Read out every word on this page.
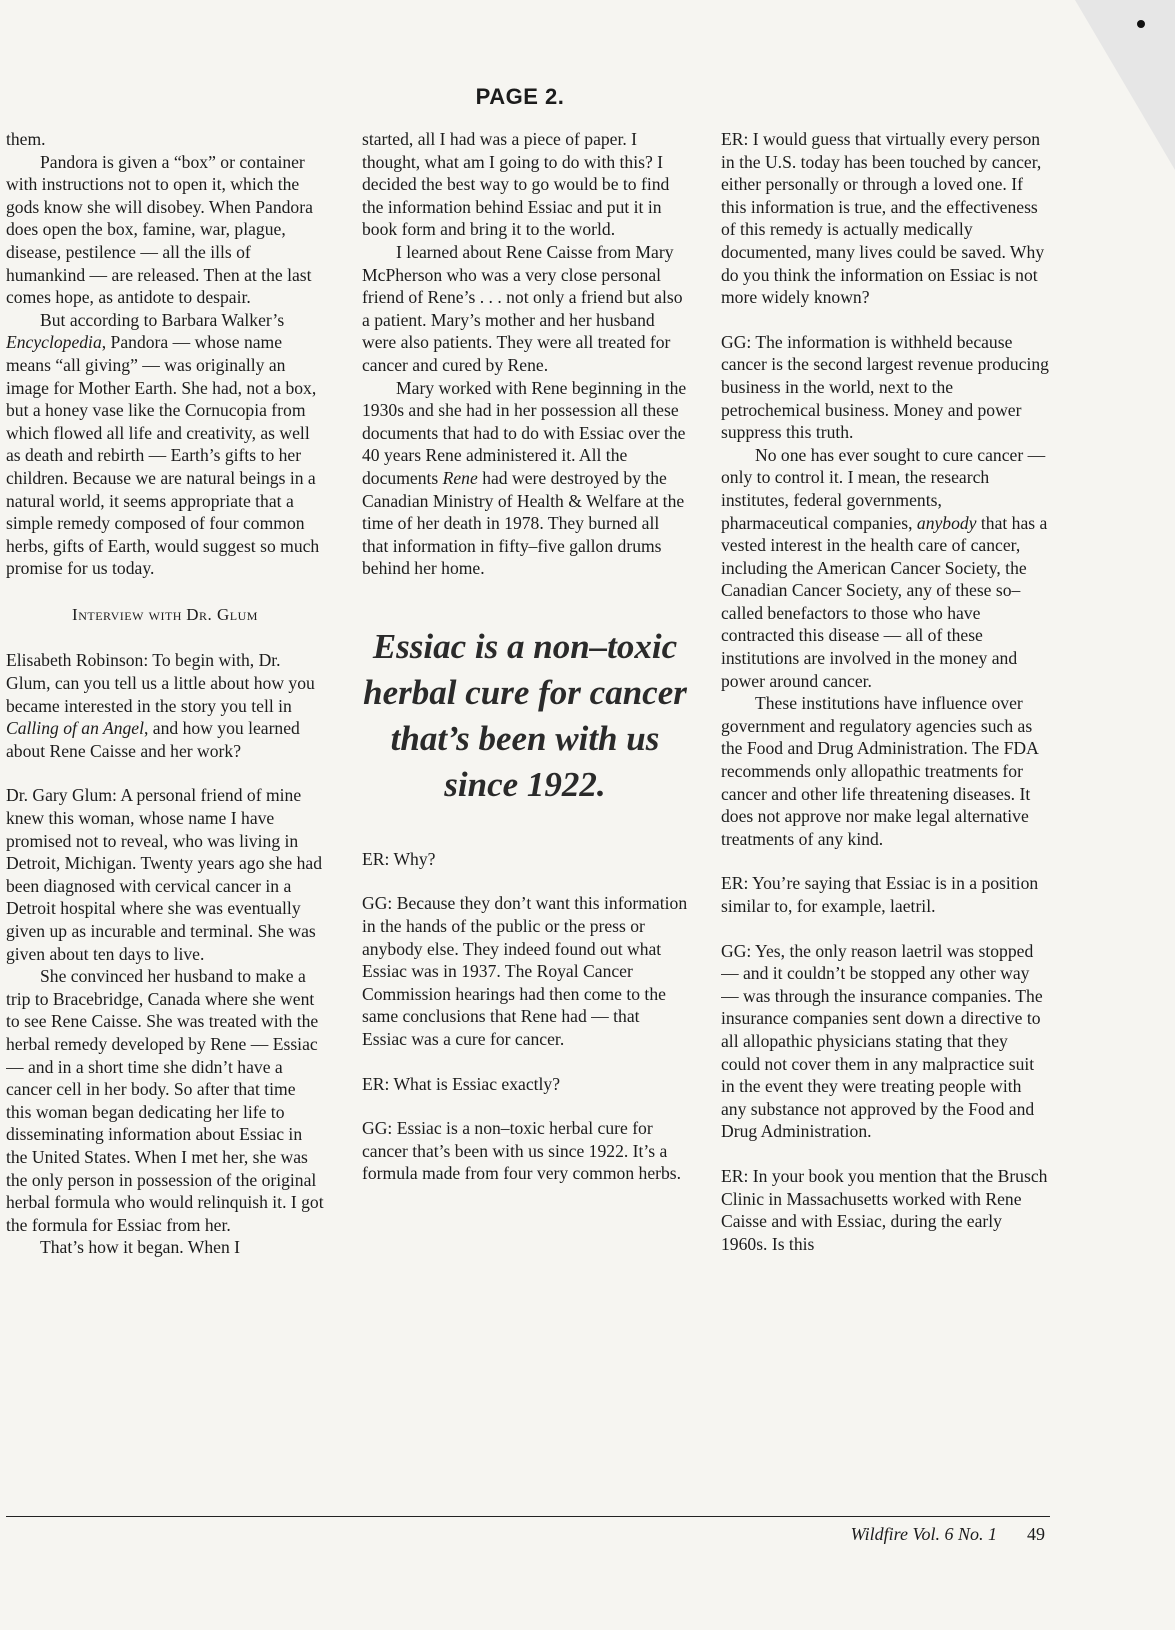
PAGE 2.

them.

Pandora is given a “box” or container with instructions not to open it, which the gods know she will disobey. When Pandora does open the box, famine, war, plague, disease, pestilence — all the ills of humankind — are released. Then at the last comes hope, as antidote to despair.

But according to Barbara Walker’s Encyclopedia, Pandora — whose name means “all giving” — was originally an image for Mother Earth. She had, not a box, but a honey vase like the Cornucopia from which flowed all life and creativity, as well as death and rebirth — Earth’s gifts to her children. Because we are natural beings in a natural world, it seems appropriate that a simple remedy composed of four common herbs, gifts of Earth, would suggest so much promise for us today.

Interview with Dr. Glum

Elisabeth Robinson: To begin with, Dr. Glum, can you tell us a little about how you became interested in the story you tell in Calling of an Angel, and how you learned about Rene Caisse and her work?

Dr. Gary Glum: A personal friend of mine knew this woman, whose name I have promised not to reveal, who was living in Detroit, Michigan. Twenty years ago she had been diagnosed with cervical cancer in a Detroit hospital where she was eventually given up as incurable and terminal. She was given about ten days to live.

She convinced her husband to make a trip to Bracebridge, Canada where she went to see Rene Caisse. She was treated with the herbal remedy developed by Rene — Essiac — and in a short time she didn’t have a cancer cell in her body. So after that time this woman began dedicating her life to disseminating information about Essiac in the United States. When I met her, she was the only person in possession of the original herbal formula who would relinquish it. I got the formula for Essiac from her.

That’s how it began. When I

started, all I had was a piece of paper. I thought, what am I going to do with this? I decided the best way to go would be to find the information behind Essiac and put it in book form and bring it to the world.

I learned about Rene Caisse from Mary McPherson who was a very close personal friend of Rene’s . . . not only a friend but also a patient. Mary’s mother and her husband were also patients. They were all treated for cancer and cured by Rene.

Mary worked with Rene beginning in the 1930s and she had in her possession all these documents that had to do with Essiac over the 40 years Rene administered it. All the documents Rene had were destroyed by the Canadian Ministry of Health & Welfare at the time of her death in 1978. They burned all that information in fifty–five gallon drums behind her home.

Essiac is a non–toxic herbal cure for cancer that’s been with us since 1922.

ER: Why?

GG: Because they don’t want this information in the hands of the public or the press or anybody else. They indeed found out what Essiac was in 1937. The Royal Cancer Commission hearings had then come to the same conclusions that Rene had — that Essiac was a cure for cancer.

ER: What is Essiac exactly?

GG: Essiac is a non–toxic herbal cure for cancer that’s been with us since 1922. It’s a formula made from four very common herbs.

ER: I would guess that virtually every person in the U.S. today has been touched by cancer, either personally or through a loved one. If this information is true, and the effectiveness of this remedy is actually medically documented, many lives could be saved. Why do you think the information on Essiac is not more widely known?

GG: The information is withheld because cancer is the second largest revenue producing business in the world, next to the petrochemical business. Money and power suppress this truth.

No one has ever sought to cure cancer — only to control it. I mean, the research institutes, federal governments, pharmaceutical companies, anybody that has a vested interest in the health care of cancer, including the American Cancer Society, the Canadian Cancer Society, any of these so–called benefactors to those who have contracted this disease — all of these institutions are involved in the money and power around cancer.

These institutions have influence over government and regulatory agencies such as the Food and Drug Administration. The FDA recommends only allopathic treatments for cancer and other life threatening diseases. It does not approve nor make legal alternative treatments of any kind.

ER: You’re saying that Essiac is in a position similar to, for example, laetril.

GG: Yes, the only reason laetril was stopped — and it couldn’t be stopped any other way — was through the insurance companies. The insurance companies sent down a directive to all allopathic physicians stating that they could not cover them in any malpractice suit in the event they were treating people with any substance not approved by the Food and Drug Administration.

ER: In your book you mention that the Brusch Clinic in Massachusetts worked with Rene Caisse and with Essiac, during the early 1960s. Is this

Wildfire Vol. 6 No. 1 49
